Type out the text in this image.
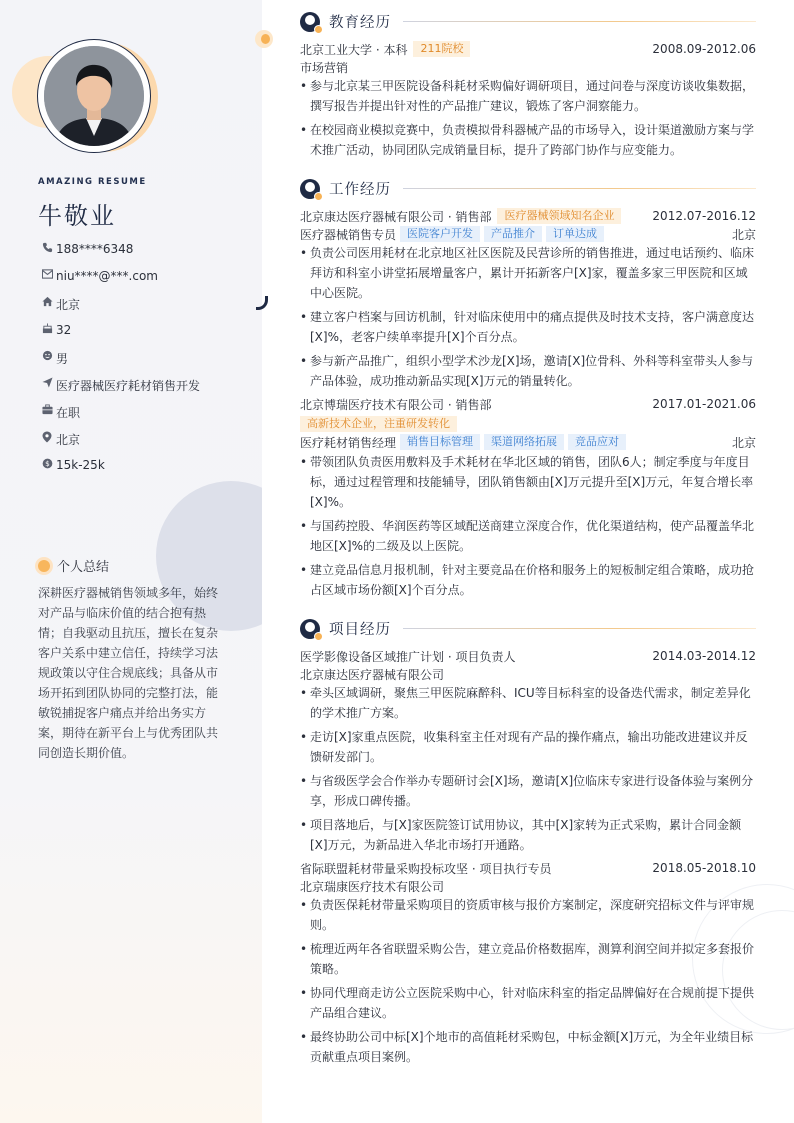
AMAZING RESUME
牛敬业
188****6348
niu****@***.com
北京
32
男
医疗器械医疗耗材销售开发
在职
北京
$ 15k-25k
个人总结
深耕医疗器械销售领域多年，始终对产品与临床价值的结合抱有热情；自我驱动且抗压，擅长在复杂客户关系中建立信任，持续学习法规政策以守住合规底线；具备从市场开拓到团队协同的完整打法，能敏锐捕捉客户痛点并给出务实方案，期待在新平台上与优秀团队共同创造长期价值。
教育经历
北京工业大学 · 本科	211院校	2008.09-2012.06
市场营销
• 参与北京某三甲医院设备科耗材采购偏好调研项目，通过问卷与深度访谈收集数据，撰写报告并提出针对性的产品推广建议，锻炼了客户洞察能力。
• 在校园商业模拟竞赛中，负责模拟骨科器械产品的市场导入，设计渠道激励方案与学术推广活动，协同团队完成销量目标，提升了跨部门协作与应变能力。
工作经历
北京康达医疗器械有限公司 · 销售部	医疗器械领域知名企业	2012.07-2016.12
医疗器械销售专员	医院客户开发	产品推介	订单达成	北京
• 负责公司医用耗材在北京地区社区医院及民营诊所的销售推进，通过电话预约、临床拜访和科室小讲堂拓展增量客户，累计开拓新客户[X]家，覆盖多家三甲医院和区域中心医院。
• 建立客户档案与回访机制，针对临床使用中的痛点提供及时技术支持，客户满意度达[X]%，老客户续单率提升[X]个百分点。
• 参与新产品推广，组织小型学术沙龙[X]场，邀请[X]位骨科、外科等科室带头人参与产品体验，成功推动新品实现[X]万元的销量转化。
北京博瑞医疗技术有限公司 · 销售部	2017.01-2021.06
高新技术企业，注重研发转化
医疗耗材销售经理	销售目标管理	渠道网络拓展	竞品应对	北京
• 带领团队负责医用敷料及手术耗材在华北区域的销售，团队6人；制定季度与年度目标，通过过程管理和技能辅导，团队销售额由[X]万元提升至[X]万元，年复合增长率[X]%。
• 与国药控股、华润医药等区域配送商建立深度合作，优化渠道结构，使产品覆盖华北地区[X]%的二级及以上医院。
• 建立竞品信息月报机制，针对主要竞品在价格和服务上的短板制定组合策略，成功抢占区域市场份额[X]个百分点。
项目经历
医学影像设备区域推广计划 · 项目负责人	2014.03-2014.12
北京康达医疗器械有限公司
• 牵头区域调研，聚焦三甲医院麻醉科、ICU等目标科室的设备迭代需求，制定差异化的学术推广方案。
• 走访[X]家重点医院，收集科室主任对现有产品的操作痛点，输出功能改进建议并反馈研发部门。
• 与省级医学会合作举办专题研讨会[X]场，邀请[X]位临床专家进行设备体验与案例分享，形成口碑传播。
• 项目落地后，与[X]家医院签订试用协议，其中[X]家转为正式采购，累计合同金额[X]万元，为新品进入华北市场打开通路。
省际联盟耗材带量采购投标攻坚 · 项目执行专员	2018.05-2018.10
北京瑞康医疗技术有限公司
• 负责医保耗材带量采购项目的资质审核与报价方案制定，深度研究招标文件与评审规则。
• 梳理近两年各省联盟采购公告，建立竞品价格数据库，测算利润空间并拟定多套报价策略。
• 协同代理商走访公立医院采购中心，针对临床科室的指定品牌偏好在合规前提下提供产品组合建议。
• 最终协助公司中标[X]个地市的高值耗材采购包，中标金额[X]万元，为全年业绩目标贡献重点项目案例。
